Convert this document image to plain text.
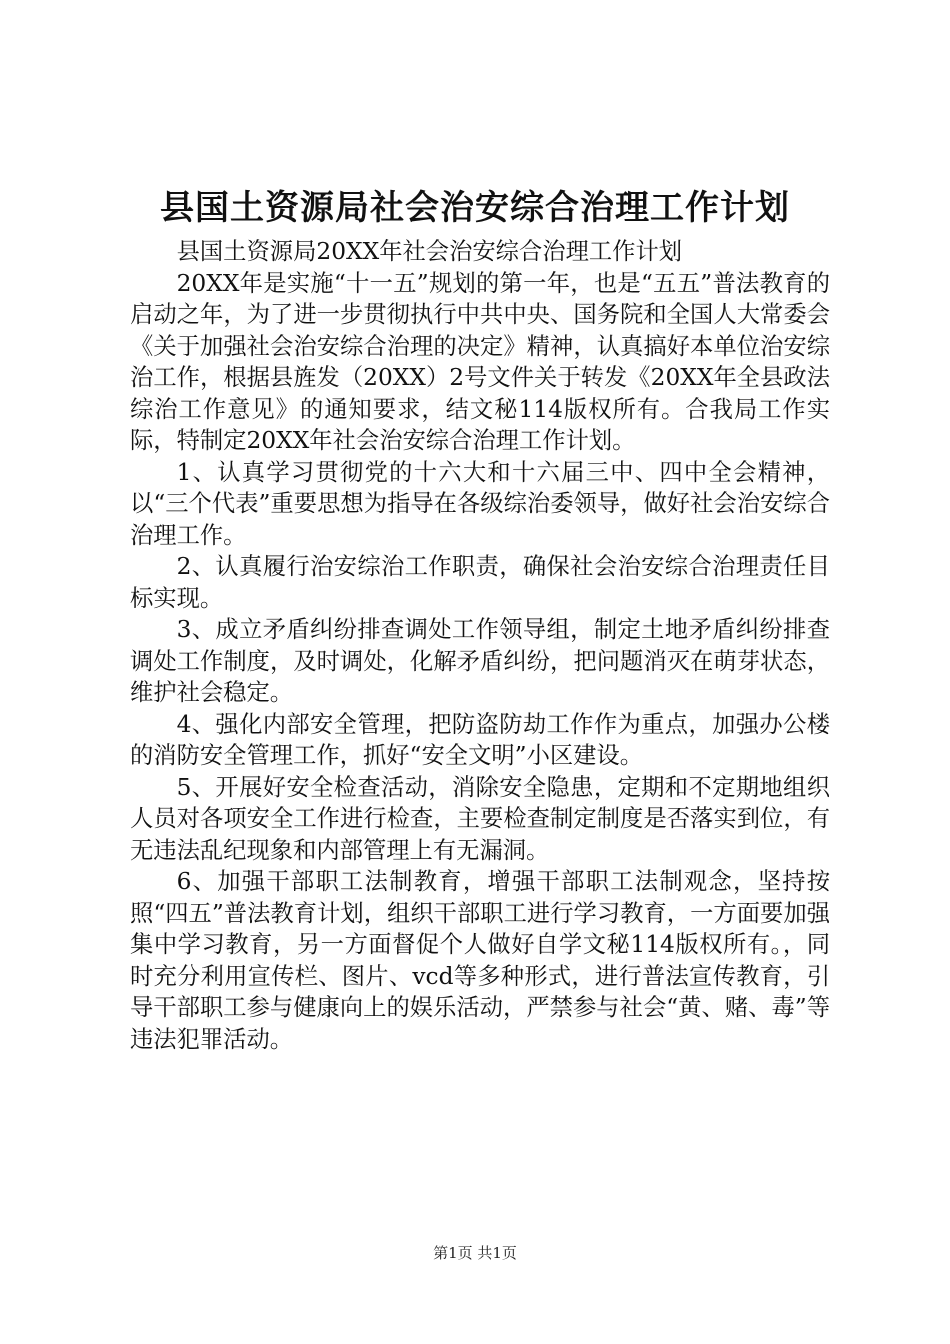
县国土资源局社会治安综合治理工作计划

县国土资源局20XX年社会治安综合治理工作计划

20XX年是实施“十一五”规划的第一年，也是“五五”普法教育的启动之年，为了进一步贯彻执行中共中央、国务院和全国人大常委会《关于加强社会治安综合治理的决定》精神，认真搞好本单位治安综治工作，根据县旌发（20XX）2号文件关于转发《20XX年全县政法综治工作意见》的通知要求，结文秘114版权所有。合我局工作实际，特制定20XX年社会治安综合治理工作计划。

1、认真学习贯彻党的十六大和十六届三中、四中全会精神，以“三个代表”重要思想为指导在各级综治委领导，做好社会治安综合治理工作。

2、认真履行治安综治工作职责，确保社会治安综合治理责任目标实现。

3、成立矛盾纠纷排查调处工作领导组，制定土地矛盾纠纷排查调处工作制度，及时调处，化解矛盾纠纷，把问题消灭在萌芽状态，维护社会稳定。

4、强化内部安全管理，把防盗防劫工作作为重点，加强办公楼的消防安全管理工作，抓好“安全文明”小区建设。

5、开展好安全检查活动，消除安全隐患，定期和不定期地组织人员对各项安全工作进行检查，主要检查制定制度是否落实到位，有无违法乱纪现象和内部管理上有无漏洞。

6、加强干部职工法制教育，增强干部职工法制观念，坚持按照“四五”普法教育计划，组织干部职工进行学习教育，一方面要加强集中学习教育，另一方面督促个人做好自学文秘114版权所有。，同时充分利用宣传栏、图片、vcd等多种形式，进行普法宣传教育，引导干部职工参与健康向上的娱乐活动，严禁参与社会“黄、赌、毒”等违法犯罪活动。

第1页 共1页
